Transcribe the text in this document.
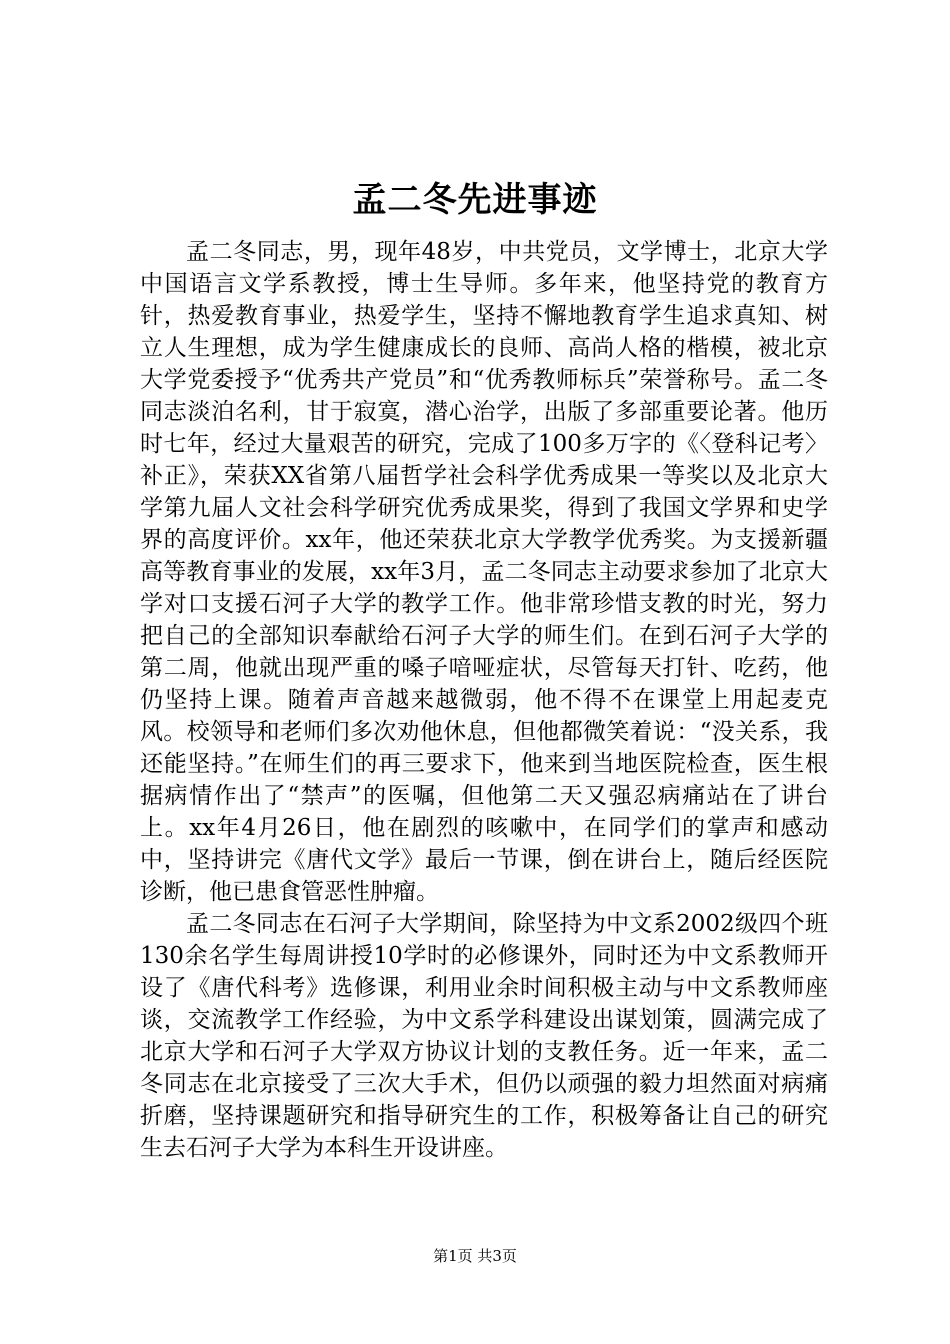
孟二冬先进事迹

孟二冬同志，男，现年48岁，中共党员，文学博士，北京大学中国语言文学系教授，博士生导师。多年来，他坚持党的教育方针，热爱教育事业，热爱学生，坚持不懈地教育学生追求真知、树立人生理想，成为学生健康成长的良师、高尚人格的楷模，被北京大学党委授予“优秀共产党员”和“优秀教师标兵”荣誉称号。孟二冬同志淡泊名利，甘于寂寞，潜心治学，出版了多部重要论著。他历时七年，经过大量艰苦的研究，完成了100多万字的《〈登科记考〉补正》，荣获XX省第八届哲学社会科学优秀成果一等奖以及北京大学第九届人文社会科学研究优秀成果奖，得到了我国文学界和史学界的高度评价。xx年，他还荣获北京大学教学优秀奖。为支援新疆高等教育事业的发展，xx年3月，孟二冬同志主动要求参加了北京大学对口支援石河子大学的教学工作。他非常珍惜支教的时光，努力把自己的全部知识奉献给石河子大学的师生们。在到石河子大学的第二周，他就出现严重的嗓子喑哑症状，尽管每天打针、吃药，他仍坚持上课。随着声音越来越微弱，他不得不在课堂上用起麦克风。校领导和老师们多次劝他休息，但他都微笑着说：“没关系，我还能坚持。”在师生们的再三要求下，他来到当地医院检查，医生根据病情作出了“禁声”的医嘱，但他第二天又强忍病痛站在了讲台上。xx年4月26日，他在剧烈的咳嗽中，在同学们的掌声和感动中，坚持讲完《唐代文学》最后一节课，倒在讲台上，随后经医院诊断，他已患食管恶性肿瘤。

孟二冬同志在石河子大学期间，除坚持为中文系2002级四个班130余名学生每周讲授10学时的必修课外，同时还为中文系教师开设了《唐代科考》选修课，利用业余时间积极主动与中文系教师座谈，交流教学工作经验，为中文系学科建设出谋划策，圆满完成了北京大学和石河子大学双方协议计划的支教任务。近一年来，孟二冬同志在北京接受了三次大手术，但仍以顽强的毅力坦然面对病痛折磨，坚持课题研究和指导研究生的工作，积极筹备让自己的研究生去石河子大学为本科生开设讲座。

第1页 共3页
